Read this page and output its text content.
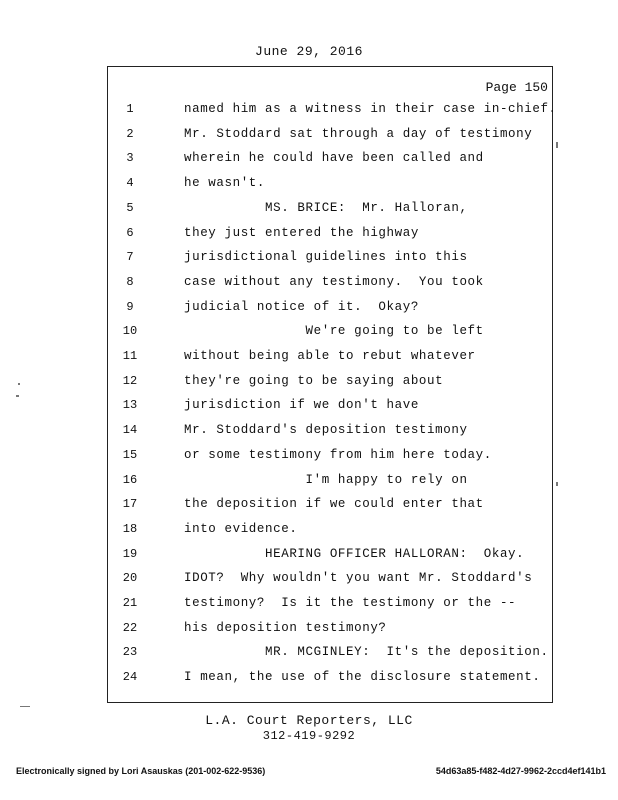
June 29, 2016
Page 150
1	named him as a witness in their case in-chief.
2	Mr. Stoddard sat through a day of testimony
3	wherein he could have been called and
4	he wasn't.
5	MS. BRICE:  Mr. Halloran,
6	they just entered the highway
7	jurisdictional guidelines into this
8	case without any testimony.  You took
9	judicial notice of it.  Okay?
10	We're going to be left
11	without being able to rebut whatever
12	they're going to be saying about
13	jurisdiction if we don't have
14	Mr. Stoddard's deposition testimony
15	or some testimony from him here today.
16	I'm happy to rely on
17	the deposition if we could enter that
18	into evidence.
19	HEARING OFFICER HALLORAN:  Okay.
20	IDOT?  Why wouldn't you want Mr. Stoddard's
21	testimony?  Is it the testimony or the --
22	his deposition testimony?
23	MR. MCGINLEY:  It's the deposition.
24	I mean, the use of the disclosure statement.
L.A. Court Reporters, LLC
312-419-9292
Electronically signed by Lori Asauskas (201-002-622-9536)	54d63a85-f482-4d27-9962-2ccd4ef141b1
